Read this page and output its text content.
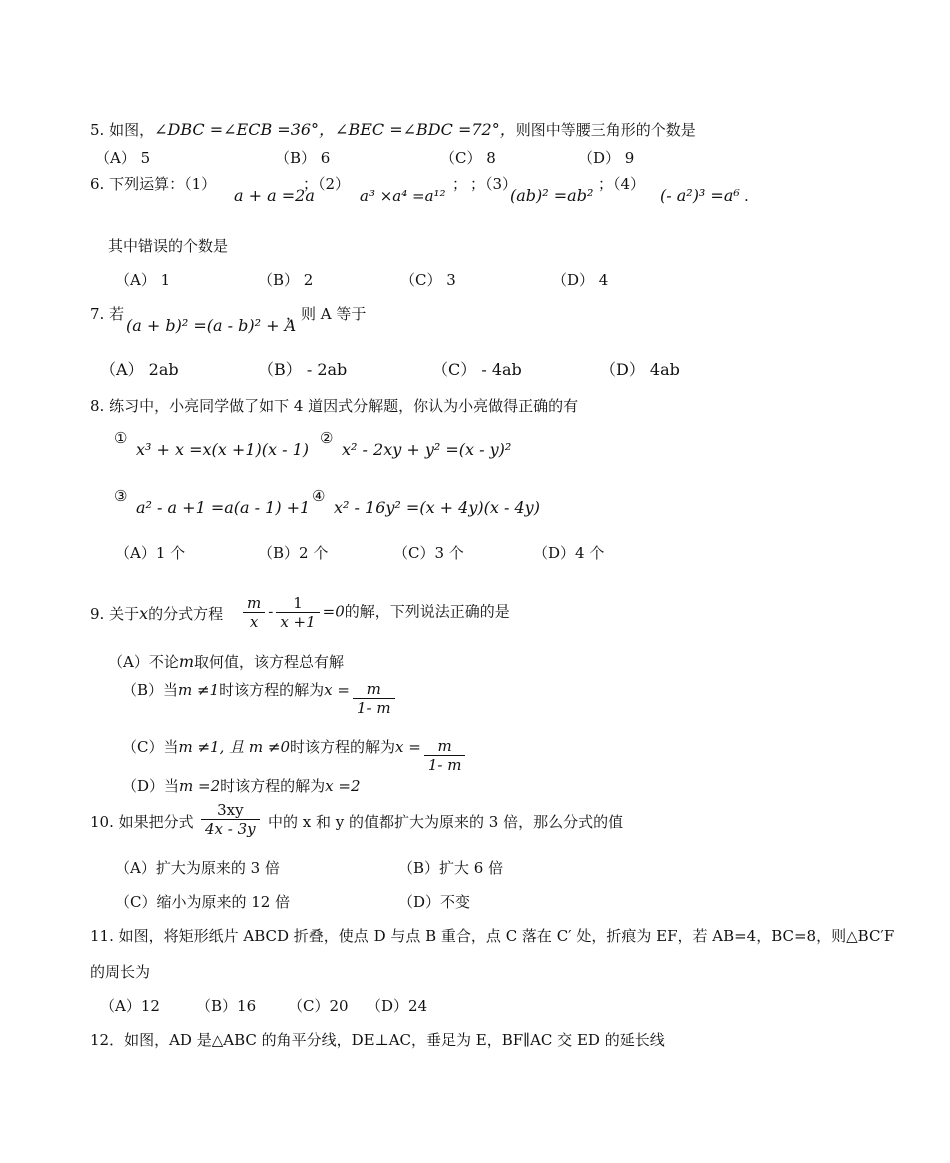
5. 如图，∠DBC =∠ECB =36°，∠BEC =∠BDC =72°，则图中等腰三角形的个数是
（A） 5	（B） 6	（C） 8	（D） 9
6. 下列运算：（1）
a + a =2a
；（2）
a³ ×a⁴ =a¹²
； ；（3）
(ab)² =ab²
；（4）
(- a²)³ =a⁶ .
其中错误的个数是
（A） 1	（B） 2	（C） 3	（D） 4
7. 若
(a + b)² =(a - b)² + A
，则 A 等于
（A） 2ab	（B） - 2ab	（C） - 4ab	（D） 4ab
8. 练习中，小亮同学做了如下 4 道因式分解题，你认为小亮做得正确的有
①
x³ + x =x(x +1)(x - 1)
②
x² - 2xy + y² =(x - y)²
③
a² - a +1 =a(a - 1) +1
④
x² - 16y² =(x + 4y)(x - 4y)
（A）1 个	（B）2 个	（C）3 个	（D）4 个
9. 关于x的分式方程 $\frac{m}{x} - \frac{1}{x +1} =0$的解，下列说法正确的是
（A）不论m取何值，该方程总有解
（B）当m ≠1时该方程的解为$x = \frac{m}{1- m}$
（C）当m ≠1, 且 m ≠0时该方程的解为$x = \frac{m}{1- m}$
（D）当m =2时该方程的解为x =2
10. 如果把分式 $\frac{3xy}{4x - 3y}$ 中的 x 和 y 的值都扩大为原来的 3 倍，那么分式的值
（A）扩大为原来的 3 倍	（B）扩大 6 倍
（C）缩小为原来的 12 倍	（D）不变
11. 如图，将矩形纸片 ABCD 折叠，使点 D 与点 B 重合，点 C 落在 C′ 处，折痕为 EF，若 AB=4，BC=8，则△BC′F
的周长为
（A）12 （B）16 （C）20 （D）24
12．如图，AD 是△ABC 的角平分线，DE⊥AC，垂足为 E，BF∥AC 交 ED 的延长线
